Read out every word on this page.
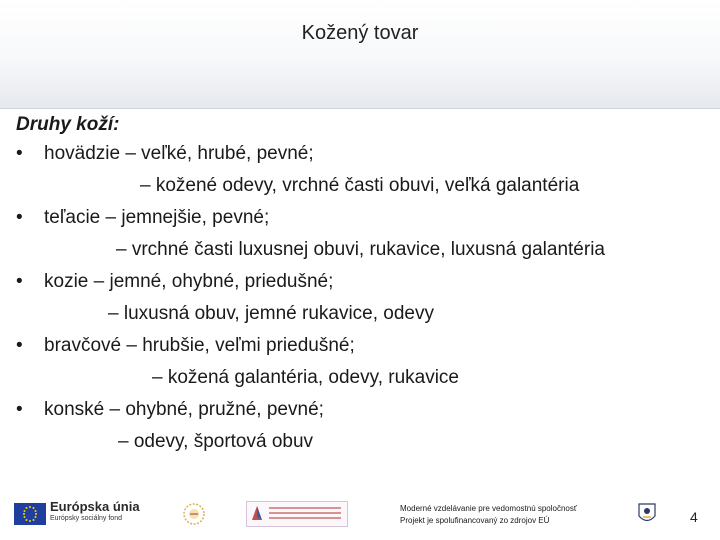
Kožený tovar
Druhy koží:
•	hovädzie – veľké, hrubé, pevné;
– kožené odevy, vrchné časti obuvi, veľká galantéria
•	teľacie – jemnejšie, pevné;
– vrchné časti luxusnej obuvi, rukavice, luxusná galantéria
•	kozie – jemné, ohybné, priedušné;
– luxusná obuv, jemné rukavice, odevy
•	bravčové – hrubšie, veľmi priedušné;
– kožená galantéria, odevy, rukavice
•	konské – ohybné, pružné, pevné;
– odevy, športová obuv
Európska únia
Európsky sociálny fond
Moderné vzdelávanie pre vedomostnú spoločnosť
Projekt je spolufinancovaný zo zdrojov EÚ	4
